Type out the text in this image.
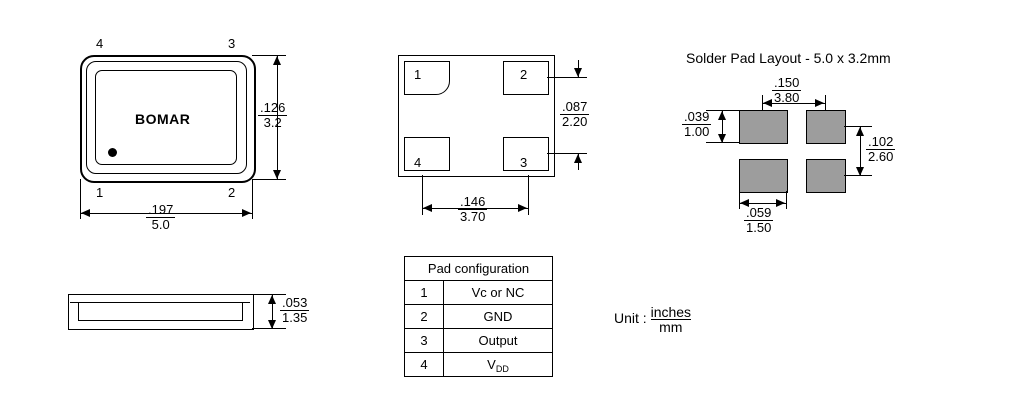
4	3
1	2
BOMAR	$\frac{.126}{3.2}$
$\frac{.197}{5.0}$
$\frac{.053}{1.35}$
1	2
4	3
$\frac{.087}{2.20}$
$\frac{.146}{3.70}$
Solder Pad Layout - 5.0 x 3.2mm
$\frac{.150}{3.80}$
$\frac{.039}{1.00}$
$\frac{.102}{2.60}$
$\frac{.059}{1.50}$
Pad configuration	
1	Vc or NC
2	GND
3	Output
4	$V_{DD}$
Unit : $\frac{\text{inches}}{mm}$
